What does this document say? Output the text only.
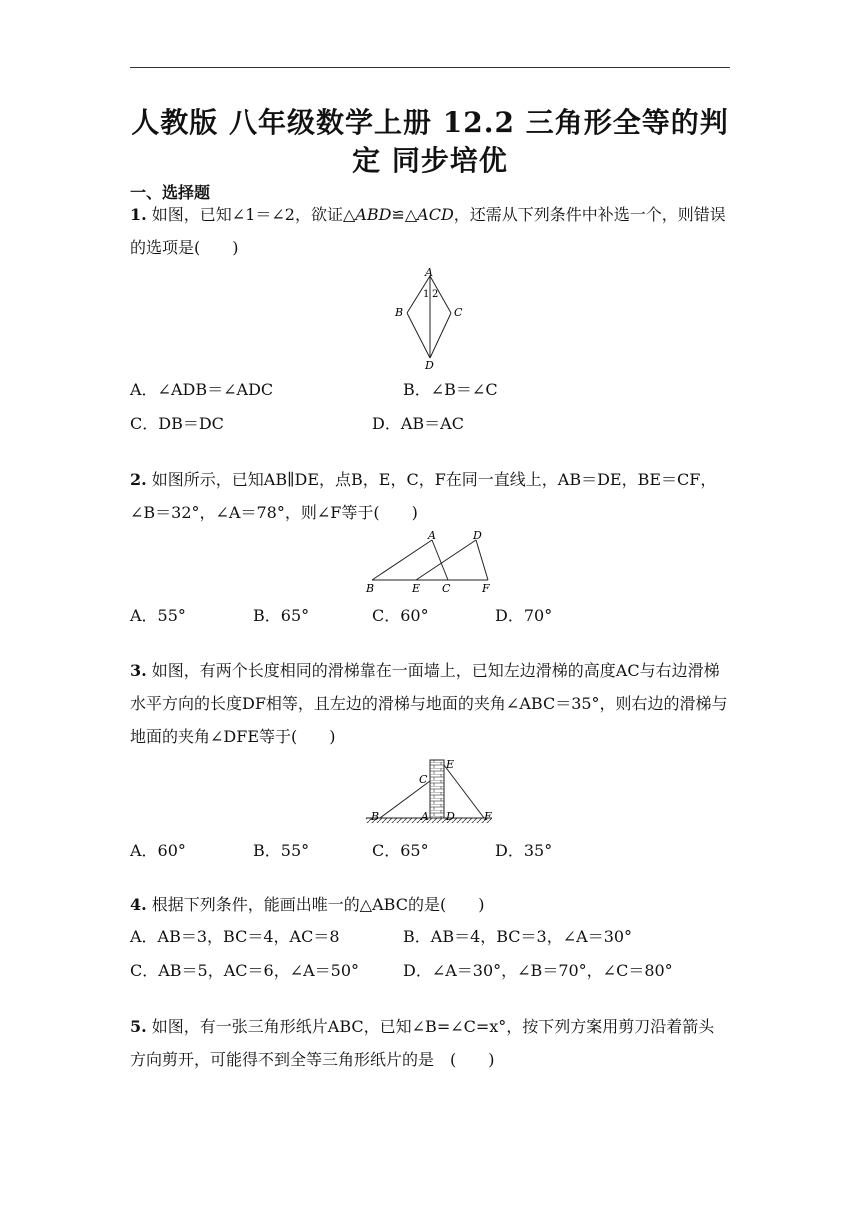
人教版 八年级数学上册 12.2 三角形全等的判定 同步培优
一、选择题
1. 如图，已知∠1＝∠2，欲证△ABD≌△ACD，还需从下列条件中补选一个，则错误的选项是(　　)
A
B	C
D
1 2
A．∠ADB＝∠ADC	B．∠B＝∠C
C．DB＝DC	D．AB＝AC
2. 如图所示，已知AB∥DE，点B，E，C，F在同一直线上，AB＝DE，BE＝CF，∠B＝32°，∠A＝78°，则∠F等于(　　)
A
B	E C
D
F
A．55°	B．65°	C．60°	D．70°
3. 如图，有两个长度相同的滑梯靠在一面墙上，已知左边滑梯的高度AC与右边滑梯水平方向的长度DF相等，且左边的滑梯与地面的夹角∠ABC＝35°，则右边的滑梯与地面的夹角∠DFE等于(　　)
C
E
B	A D	F
A．60°	B．55°	C．65°	D．35°
4. 根据下列条件，能画出唯一的△ABC的是(　　)
A．AB＝3，BC＝4，AC＝8	B．AB＝4，BC＝3，∠A＝30°
C．AB＝5，AC＝6，∠A＝50°	D．∠A＝30°，∠B＝70°，∠C＝80°
5. 如图，有一张三角形纸片ABC，已知∠B=∠C=x°，按下列方案用剪刀沿着箭头方向剪开，可能得不到全等三角形纸片的是　(　　)
